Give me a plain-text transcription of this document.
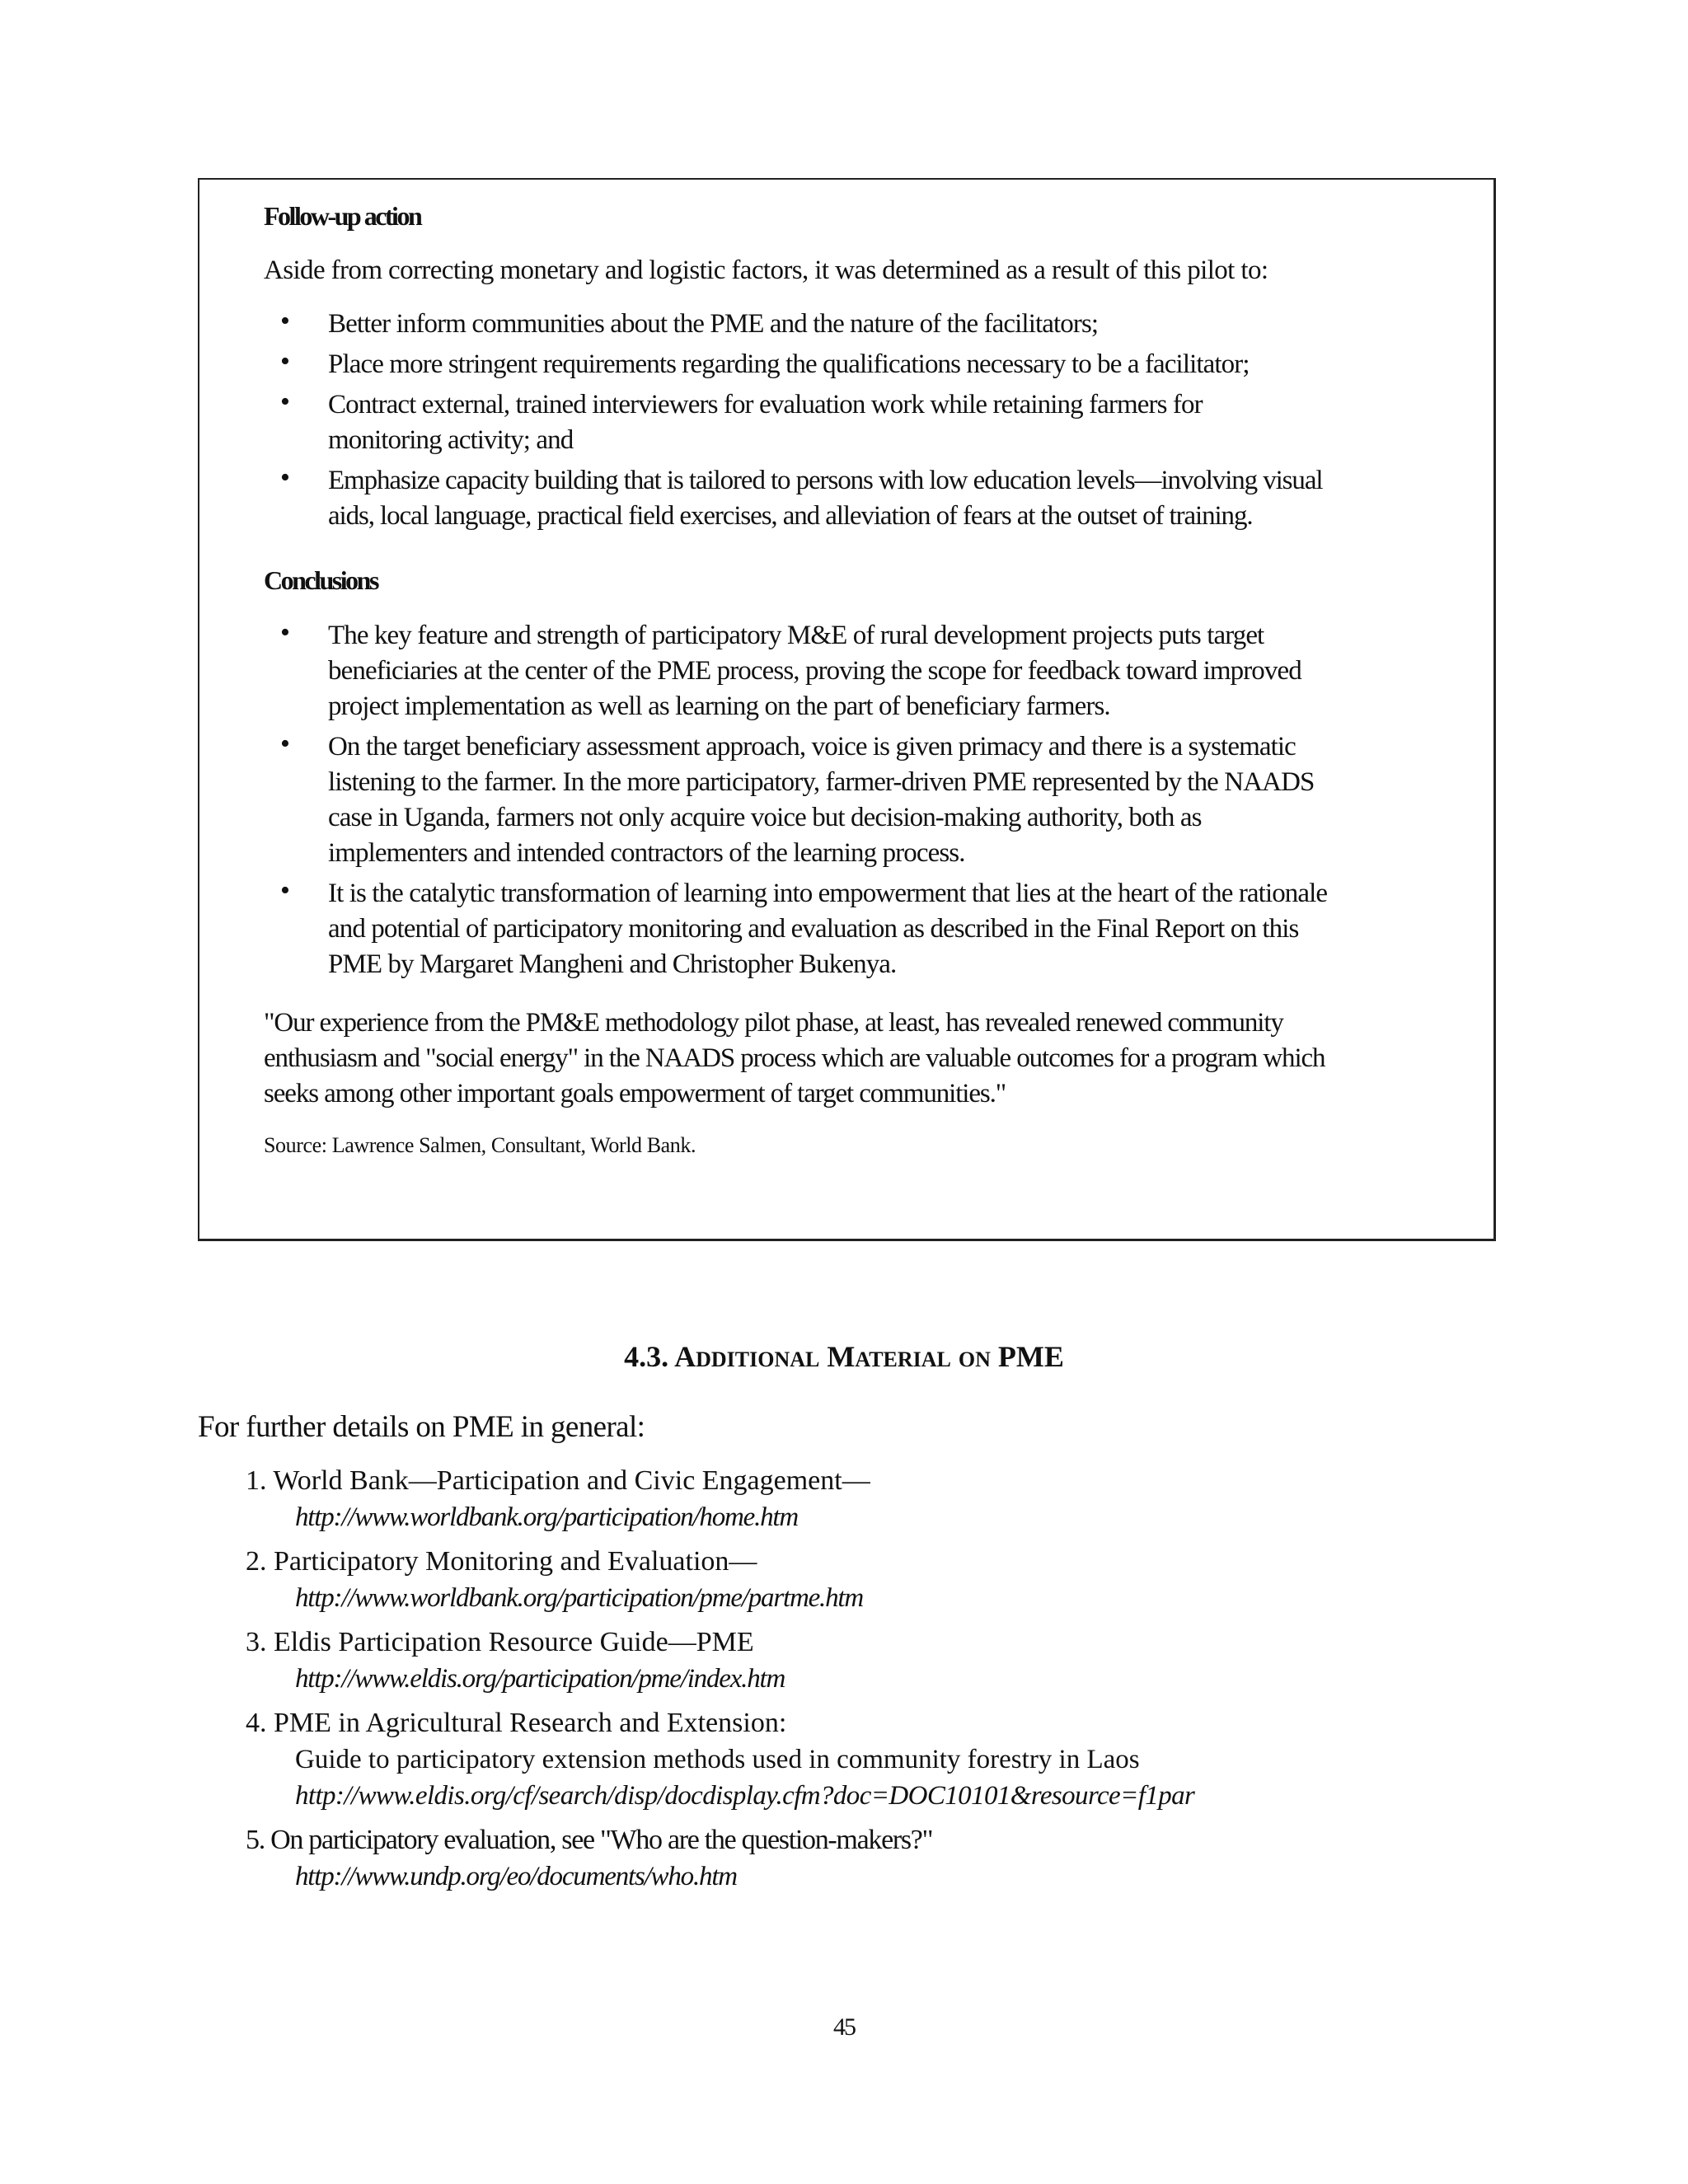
Follow-up action

Aside from correcting monetary and logistic factors, it was determined as a result of this pilot to:

• Better inform communities about the PME and the nature of the facilitators;
• Place more stringent requirements regarding the qualifications necessary to be a facilitator;
• Contract external, trained interviewers for evaluation work while retaining farmers for monitoring activity; and
• Emphasize capacity building that is tailored to persons with low education levels—involving visual aids, local language, practical field exercises, and alleviation of fears at the outset of training.
Conclusions
• The key feature and strength of participatory M&E of rural development projects puts target beneficiaries at the center of the PME process, proving the scope for feedback toward improved project implementation as well as learning on the part of beneficiary farmers.
• On the target beneficiary assessment approach, voice is given primacy and there is a systematic listening to the farmer. In the more participatory, farmer-driven PME represented by the NAADS case in Uganda, farmers not only acquire voice but decision-making authority, both as implementers and intended contractors of the learning process.
• It is the catalytic transformation of learning into empowerment that lies at the heart of the rationale and potential of participatory monitoring and evaluation as described in the Final Report on this PME by Margaret Mangheni and Christopher Bukenya.

"Our experience from the PM&E methodology pilot phase, at least, has revealed renewed community enthusiasm and "social energy" in the NAADS process which are valuable outcomes for a program which seeks among other important goals empowerment of target communities."

Source: Lawrence Salmen, Consultant, World Bank.

4.3. ADDITIONAL MATERIAL ON PME

For further details on PME in general:

1. World Bank—Participation and Civic Engagement—
http://www.worldbank.org/participation/home.htm
2. Participatory Monitoring and Evaluation—
http://www.worldbank.org/participation/pme/partme.htm
3. Eldis Participation Resource Guide—PME
http://www.eldis.org/participation/pme/index.htm
4. PME in Agricultural Research and Extension:
Guide to participatory extension methods used in community forestry in Laos
http://www.eldis.org/cf/search/disp/docdisplay.cfm?doc=DOC10101&resource=f1par
5. On participatory evaluation, see "Who are the question-makers?"
http://www.undp.org/eo/documents/who.htm

45
